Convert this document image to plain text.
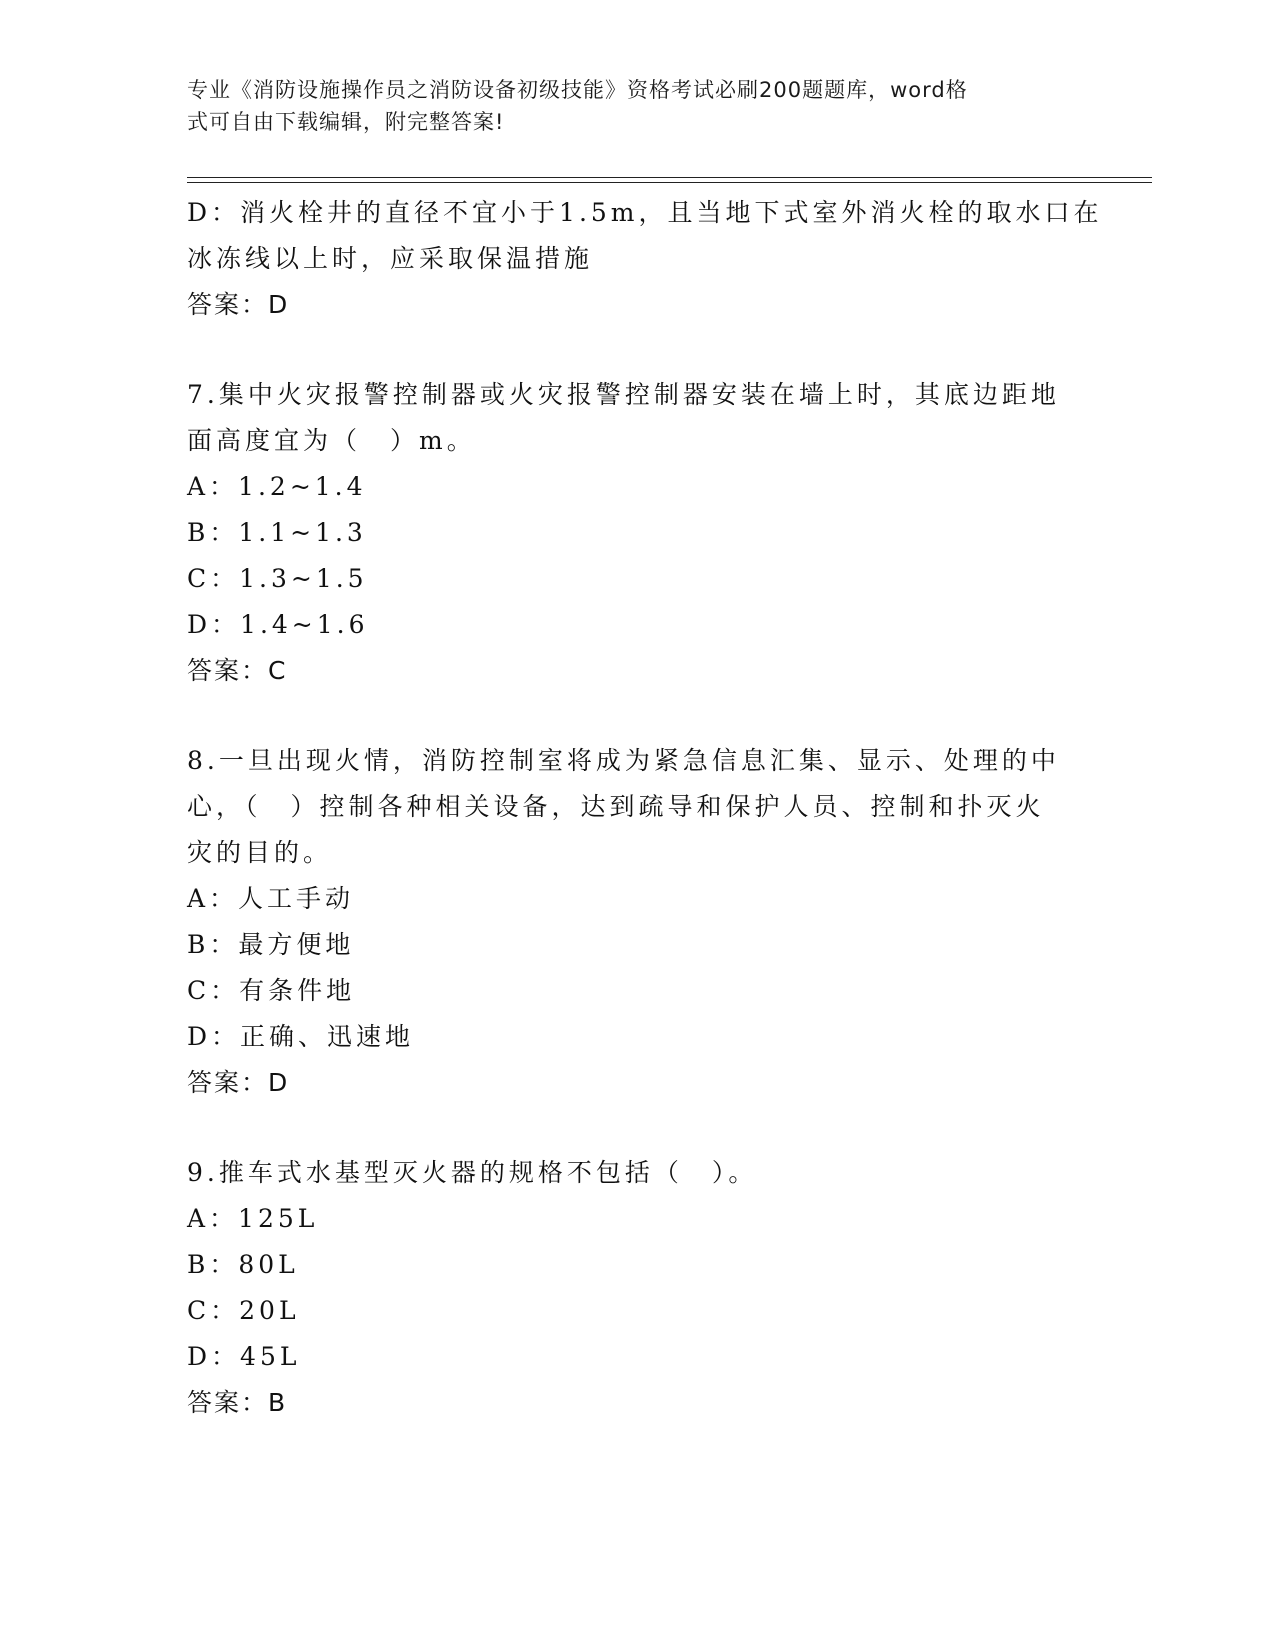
专业《消防设施操作员之消防设备初级技能》资格考试必刷200题题库，word格
式可自由下载编辑，附完整答案!
D：消火栓井的直径不宜小于1.5m，且当地下式室外消火栓的取水口在
冰冻线以上时，应采取保温措施
答案：D
7.集中火灾报警控制器或火灾报警控制器安装在墙上时，其底边距地
面高度宜为（　）m。
A：1.2~1.4
B：1.1~1.3
C：1.3~1.5
D：1.4~1.6
答案：C
8.一旦出现火情，消防控制室将成为紧急信息汇集、显示、处理的中
心，（　）控制各种相关设备，达到疏导和保护人员、控制和扑灭火
灾的目的。
A：人工手动
B：最方便地
C：有条件地
D：正确、迅速地
答案：D
9.推车式水基型灭火器的规格不包括（　）。
A：125L
B：80L
C：20L
D：45L
答案：B
